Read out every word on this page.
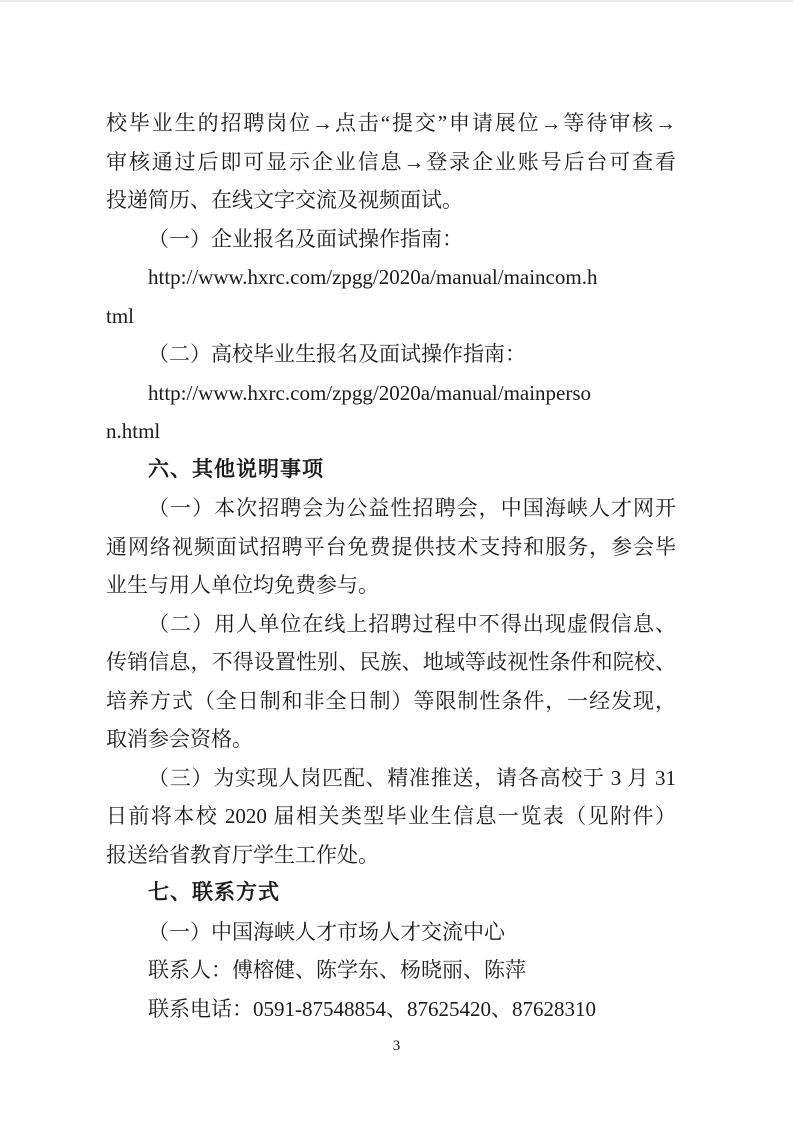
校毕业生的招聘岗位→点击“提交”申请展位→等待审核→
审核通过后即可显示企业信息→登录企业账号后台可查看
投递简历、在线文字交流及视频面试。
（一）企业报名及面试操作指南：
http://www.hxrc.com/zpgg/2020a/manual/maincom.h
tml
（二）高校毕业生报名及面试操作指南：
http://www.hxrc.com/zpgg/2020a/manual/mainperso
n.html
六、其他说明事项
（一）本次招聘会为公益性招聘会，中国海峡人才网开
通网络视频面试招聘平台免费提供技术支持和服务，参会毕
业生与用人单位均免费参与。
（二）用人单位在线上招聘过程中不得出现虚假信息、
传销信息，不得设置性别、民族、地域等歧视性条件和院校、
培养方式（全日制和非全日制）等限制性条件，一经发现，
取消参会资格。
（三）为实现人岗匹配、精准推送，请各高校于 3 月 31
日前将本校 2020 届相关类型毕业生信息一览表（见附件）
报送给省教育厅学生工作处。
七、联系方式
（一）中国海峡人才市场人才交流中心
联系人：傅榕健、陈学东、杨晓丽、陈萍
联系电话：0591-87548854、87625420、87628310
3
